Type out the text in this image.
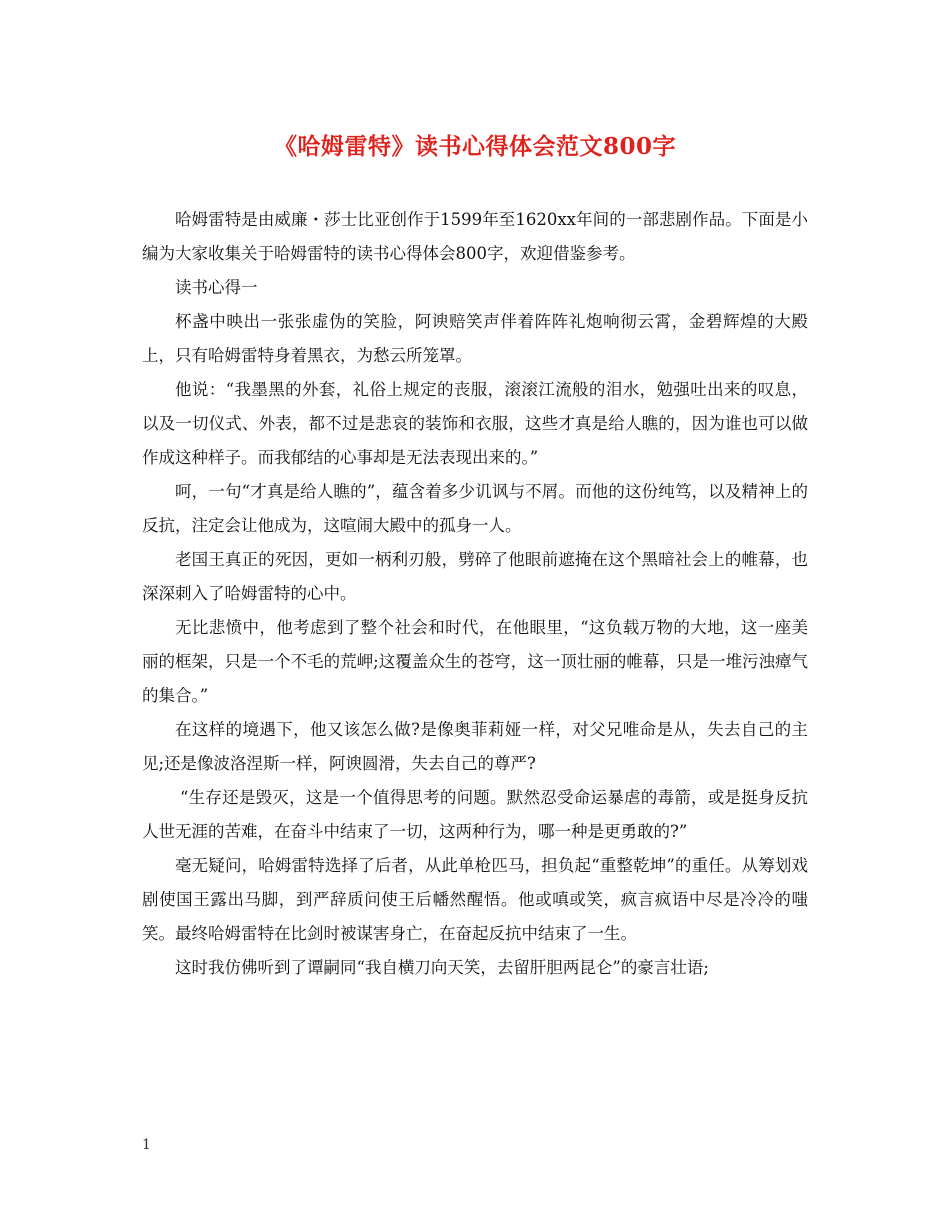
《哈姆雷特》读书心得体会范文800字

哈姆雷特是由威廉・莎士比亚创作于1599年至1620xx年间的一部悲剧作品。下面是小编为大家收集关于哈姆雷特的读书心得体会800字，欢迎借鉴参考。

读书心得一

杯盏中映出一张张虚伪的笑脸，阿谀赔笑声伴着阵阵礼炮响彻云霄，金碧辉煌的大殿上，只有哈姆雷特身着黑衣，为愁云所笼罩。

他说：“我墨黑的外套，礼俗上规定的丧服，滚滚江流般的泪水，勉强吐出来的叹息，以及一切仪式、外表，都不过是悲哀的装饰和衣服，这些才真是给人瞧的，因为谁也可以做作成这种样子。而我郁结的心事却是无法表现出来的。”

呵，一句“才真是给人瞧的”，蕴含着多少讥讽与不屑。而他的这份纯笃，以及精神上的反抗，注定会让他成为，这喧闹大殿中的孤身一人。

老国王真正的死因，更如一柄利刃般，劈碎了他眼前遮掩在这个黑暗社会上的帷幕，也深深刺入了哈姆雷特的心中。

无比悲愤中，他考虑到了整个社会和时代，在他眼里，“这负载万物的大地，这一座美丽的框架，只是一个不毛的荒岬;这覆盖众生的苍穹，这一顶壮丽的帷幕，只是一堆污浊瘴气的集合。”

在这样的境遇下，他又该怎么做?是像奥菲莉娅一样，对父兄唯命是从，失去自己的主见;还是像波洛涅斯一样，阿谀圆滑，失去自己的尊严?

“生存还是毁灭，这是一个值得思考的问题。默然忍受命运暴虐的毒箭，或是挺身反抗人世无涯的苦难，在奋斗中结束了一切，这两种行为，哪一种是更勇敢的?”

毫无疑问，哈姆雷特选择了后者，从此单枪匹马，担负起“重整乾坤”的重任。从筹划戏剧使国王露出马脚，到严辞质问使王后幡然醒悟。他或嗔或笑，疯言疯语中尽是冷冷的嗤笑。最终哈姆雷特在比剑时被谋害身亡，在奋起反抗中结束了一生。

这时我仿佛听到了谭嗣同“我自横刀向天笑，去留肝胆两昆仑”的豪言壮语;

1
